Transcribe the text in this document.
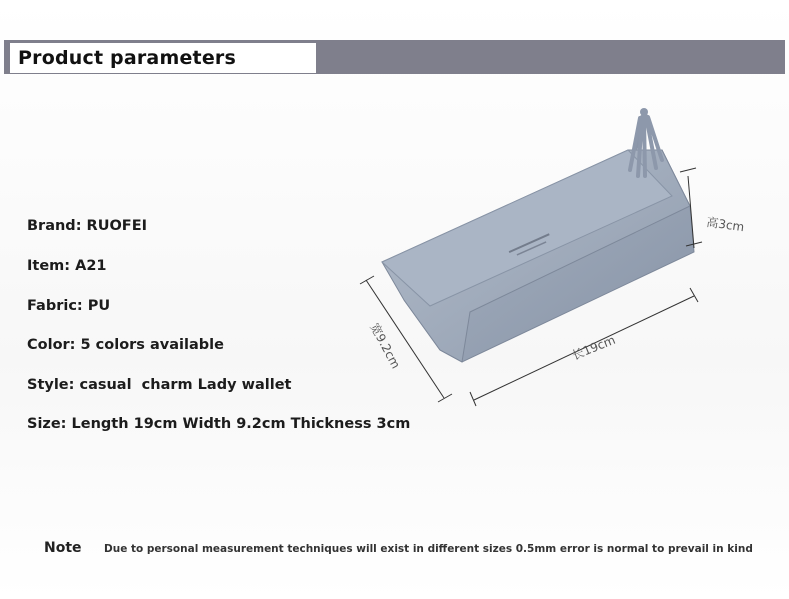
Product parameters
Brand: RUOFEI
Item: A21
Fabric: PU
Color: 5 colors available
Style: casual  charm Lady wallet
Size: Length 19cm Width 9.2cm Thickness 3cm
高3cm
长19cm
宽9.2cm
Note Due to personal measurement techniques will exist in different sizes 0.5mm error is normal to prevail in kind
